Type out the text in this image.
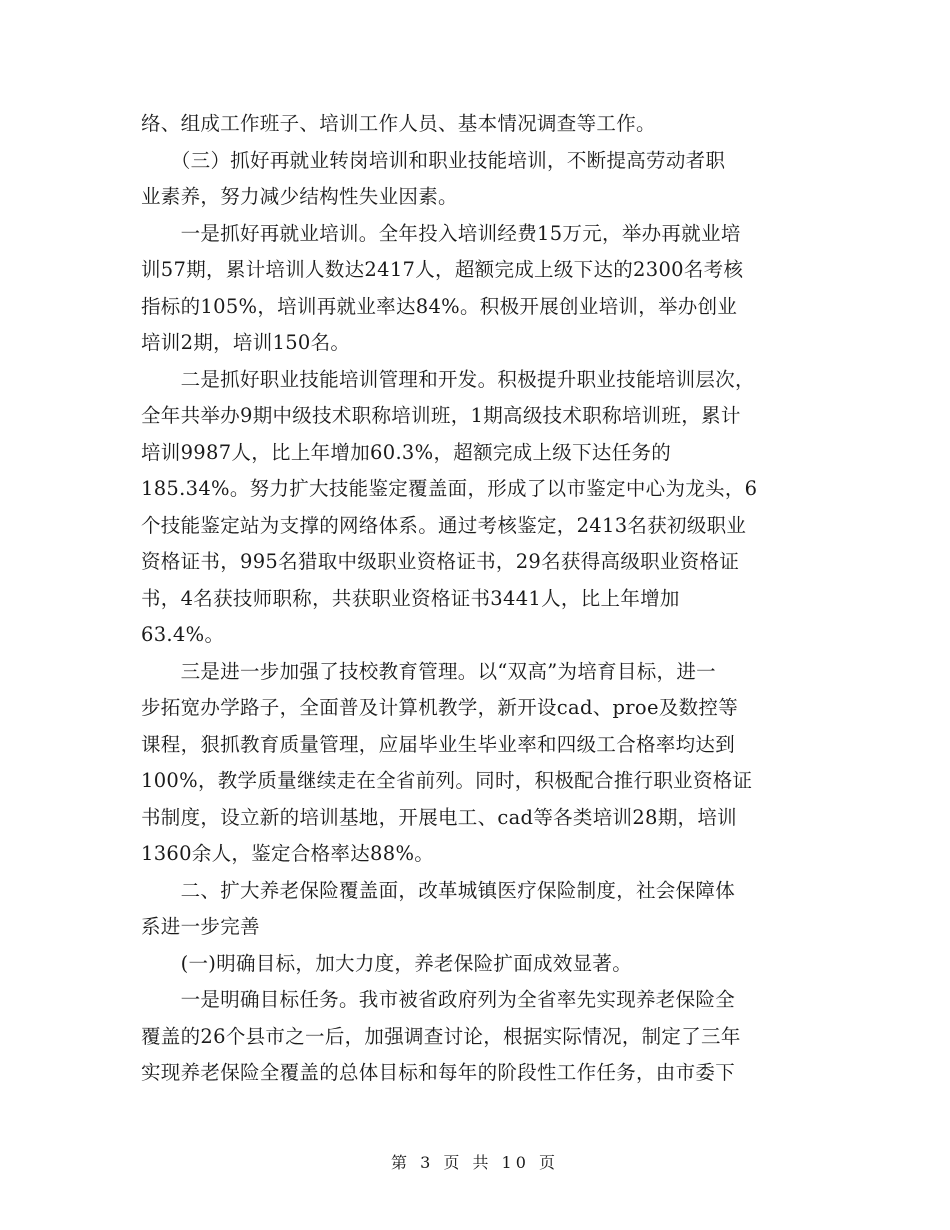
络、组成工作班子、培训工作人员、基本情况调查等工作。
　　（三）抓好再就业转岗培训和职业技能培训，不断提高劳动者职
业素养，努力减少结构性失业因素。
　　一是抓好再就业培训。全年投入培训经费15万元，举办再就业培
训57期，累计培训人数达2417人，超额完成上级下达的2300名考核
指标的105%，培训再就业率达84%。积极开展创业培训，举办创业
培训2期，培训150名。
　　二是抓好职业技能培训管理和开发。积极提升职业技能培训层次，
全年共举办9期中级技术职称培训班，1期高级技术职称培训班，累计
培训9987人，比上年增加60.3%，超额完成上级下达任务的
185.34%。努力扩大技能鉴定覆盖面，形成了以市鉴定中心为龙头，6
个技能鉴定站为支撑的网络体系。通过考核鉴定，2413名获初级职业
资格证书，995名猎取中级职业资格证书，29名获得高级职业资格证
书，4名获技师职称，共获职业资格证书3441人，比上年增加
63.4%。
　　三是进一步加强了技校教育管理。以“双高”为培育目标，进一
步拓宽办学路子，全面普及计算机教学，新开设cad、proe及数控等
课程，狠抓教育质量管理，应届毕业生毕业率和四级工合格率均达到
100%，教学质量继续走在全省前列。同时，积极配合推行职业资格证
书制度，设立新的培训基地，开展电工、cad等各类培训28期，培训
1360余人，鉴定合格率达88%。
　　二、扩大养老保险覆盖面，改革城镇医疗保险制度，社会保障体
系进一步完善
　　(一)明确目标，加大力度，养老保险扩面成效显著。
　　一是明确目标任务。我市被省政府列为全省率先实现养老保险全
覆盖的26个县市之一后，加强调查讨论，根据实际情况，制定了三年
实现养老保险全覆盖的总体目标和每年的阶段性工作任务，由市委下
第 3 页 共 10 页
